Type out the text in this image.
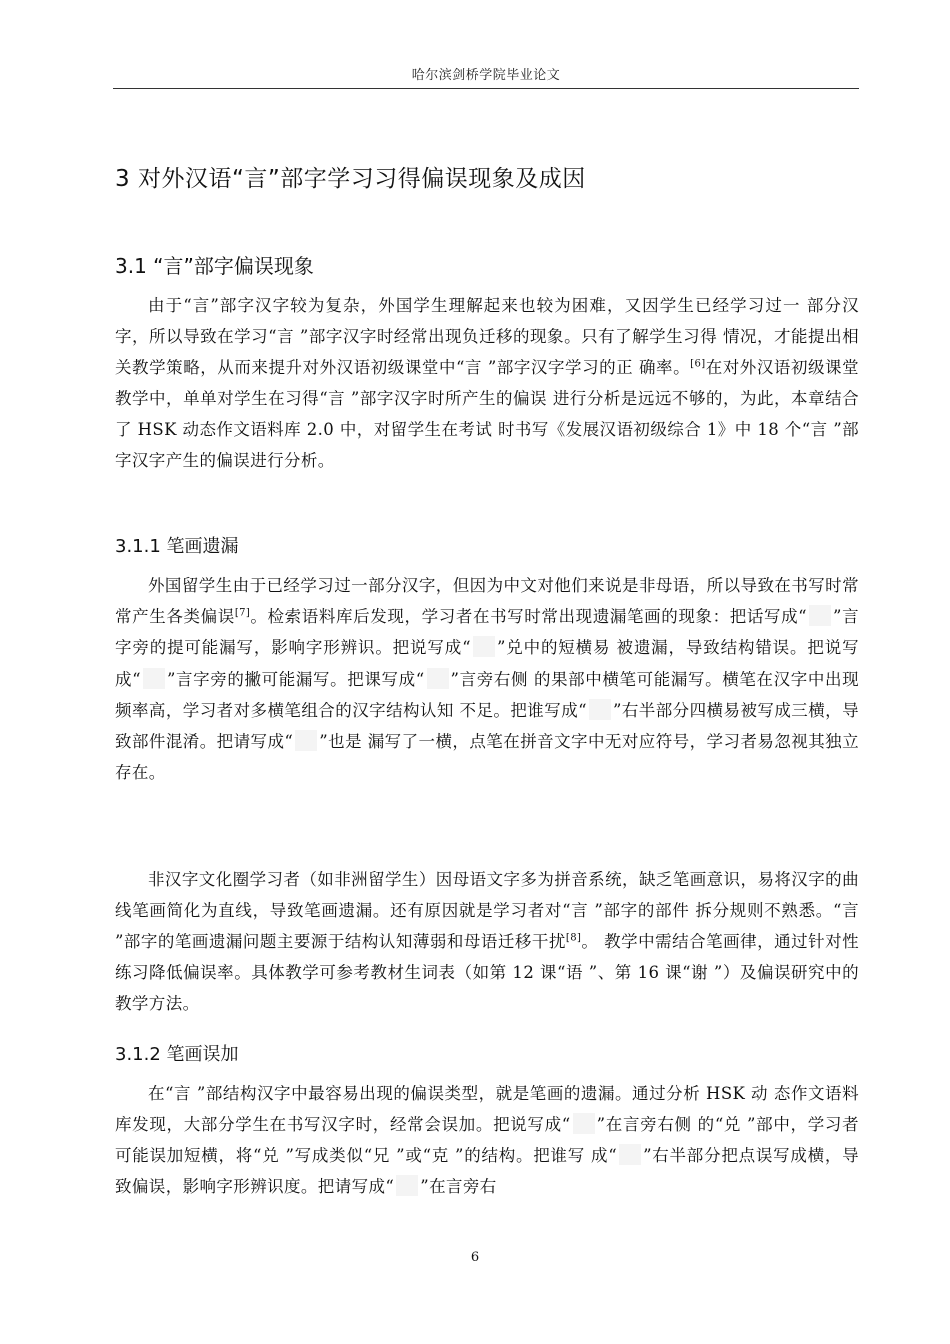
哈尔滨剑桥学院毕业论文
3 对外汉语“言”部字学习习得偏误现象及成因
3.1 “言”部字偏误现象
由于“言”部字汉字较为复杂，外国学生理解起来也较为困难，又因学生已经学习过一 部分汉字，所以导致在学习“言 ”部字汉字时经常出现负迁移的现象。只有了解学生习得 情况，才能提出相关教学策略，从而来提升对外汉语初级课堂中“言 ”部字汉字学习的正 确率。[6]在对外汉语初级课堂教学中，单单对学生在习得“言 ”部字汉字时所产生的偏误 进行分析是远远不够的，为此，本章结合了 HSK 动态作文语料库 2.0 中，对留学生在考试 时书写《发展汉语初级综合 1》中 18 个“言 ”部字汉字产生的偏误进行分析。
3.1.1 笔画遗漏
外国留学生由于已经学习过一部分汉字，但因为中文对他们来说是非母语，所以导致在书写时常常产生各类偏误[7]。检索语料库后发现，学习者在书写时常出现遗漏笔画的现象：把话写成“ ”言字旁的提可能漏写，影响字形辨识。把说写成“ ”兑中的短横易 被遗漏，导致结构错误。把说写成“ ”言字旁的撇可能漏写。把课写成“ ”言旁右侧 的果部中横笔可能漏写。横笔在汉字中出现频率高，学习者对多横笔组合的汉字结构认知 不足。把谁写成“ ”右半部分四横易被写成三横，导致部件混淆。把请写成“ ”也是 漏写了一横，点笔在拼音文字中无对应符号，学习者易忽视其独立存在。
非汉字文化圈学习者（如非洲留学生）因母语文字多为拼音系统，缺乏笔画意识，易将汉字的曲线笔画简化为直线，导致笔画遗漏。还有原因就是学习者对“言 ”部字的部件 拆分规则不熟悉。“言 ”部字的笔画遗漏问题主要源于结构认知薄弱和母语迁移干扰[8]。 教学中需结合笔画律，通过针对性练习降低偏误率。具体教学可参考教材生词表（如第 12 课“语 ”、第 16 课“谢 ”）及偏误研究中的教学方法。
3.1.2 笔画误加
在“言 ”部结构汉字中最容易出现的偏误类型，就是笔画的遗漏。通过分析 HSK 动 态作文语料库发现，大部分学生在书写汉字时，经常会误加。把说写成“ ”在言旁右侧 的“兑 ”部中，学习者可能误加短横，将“兑 ”写成类似“兄 ”或“克 ”的结构。把谁写 成“ ”右半部分把点误写成横，导致偏误，影响字形辨识度。把请写成“ ”在言旁右
6
